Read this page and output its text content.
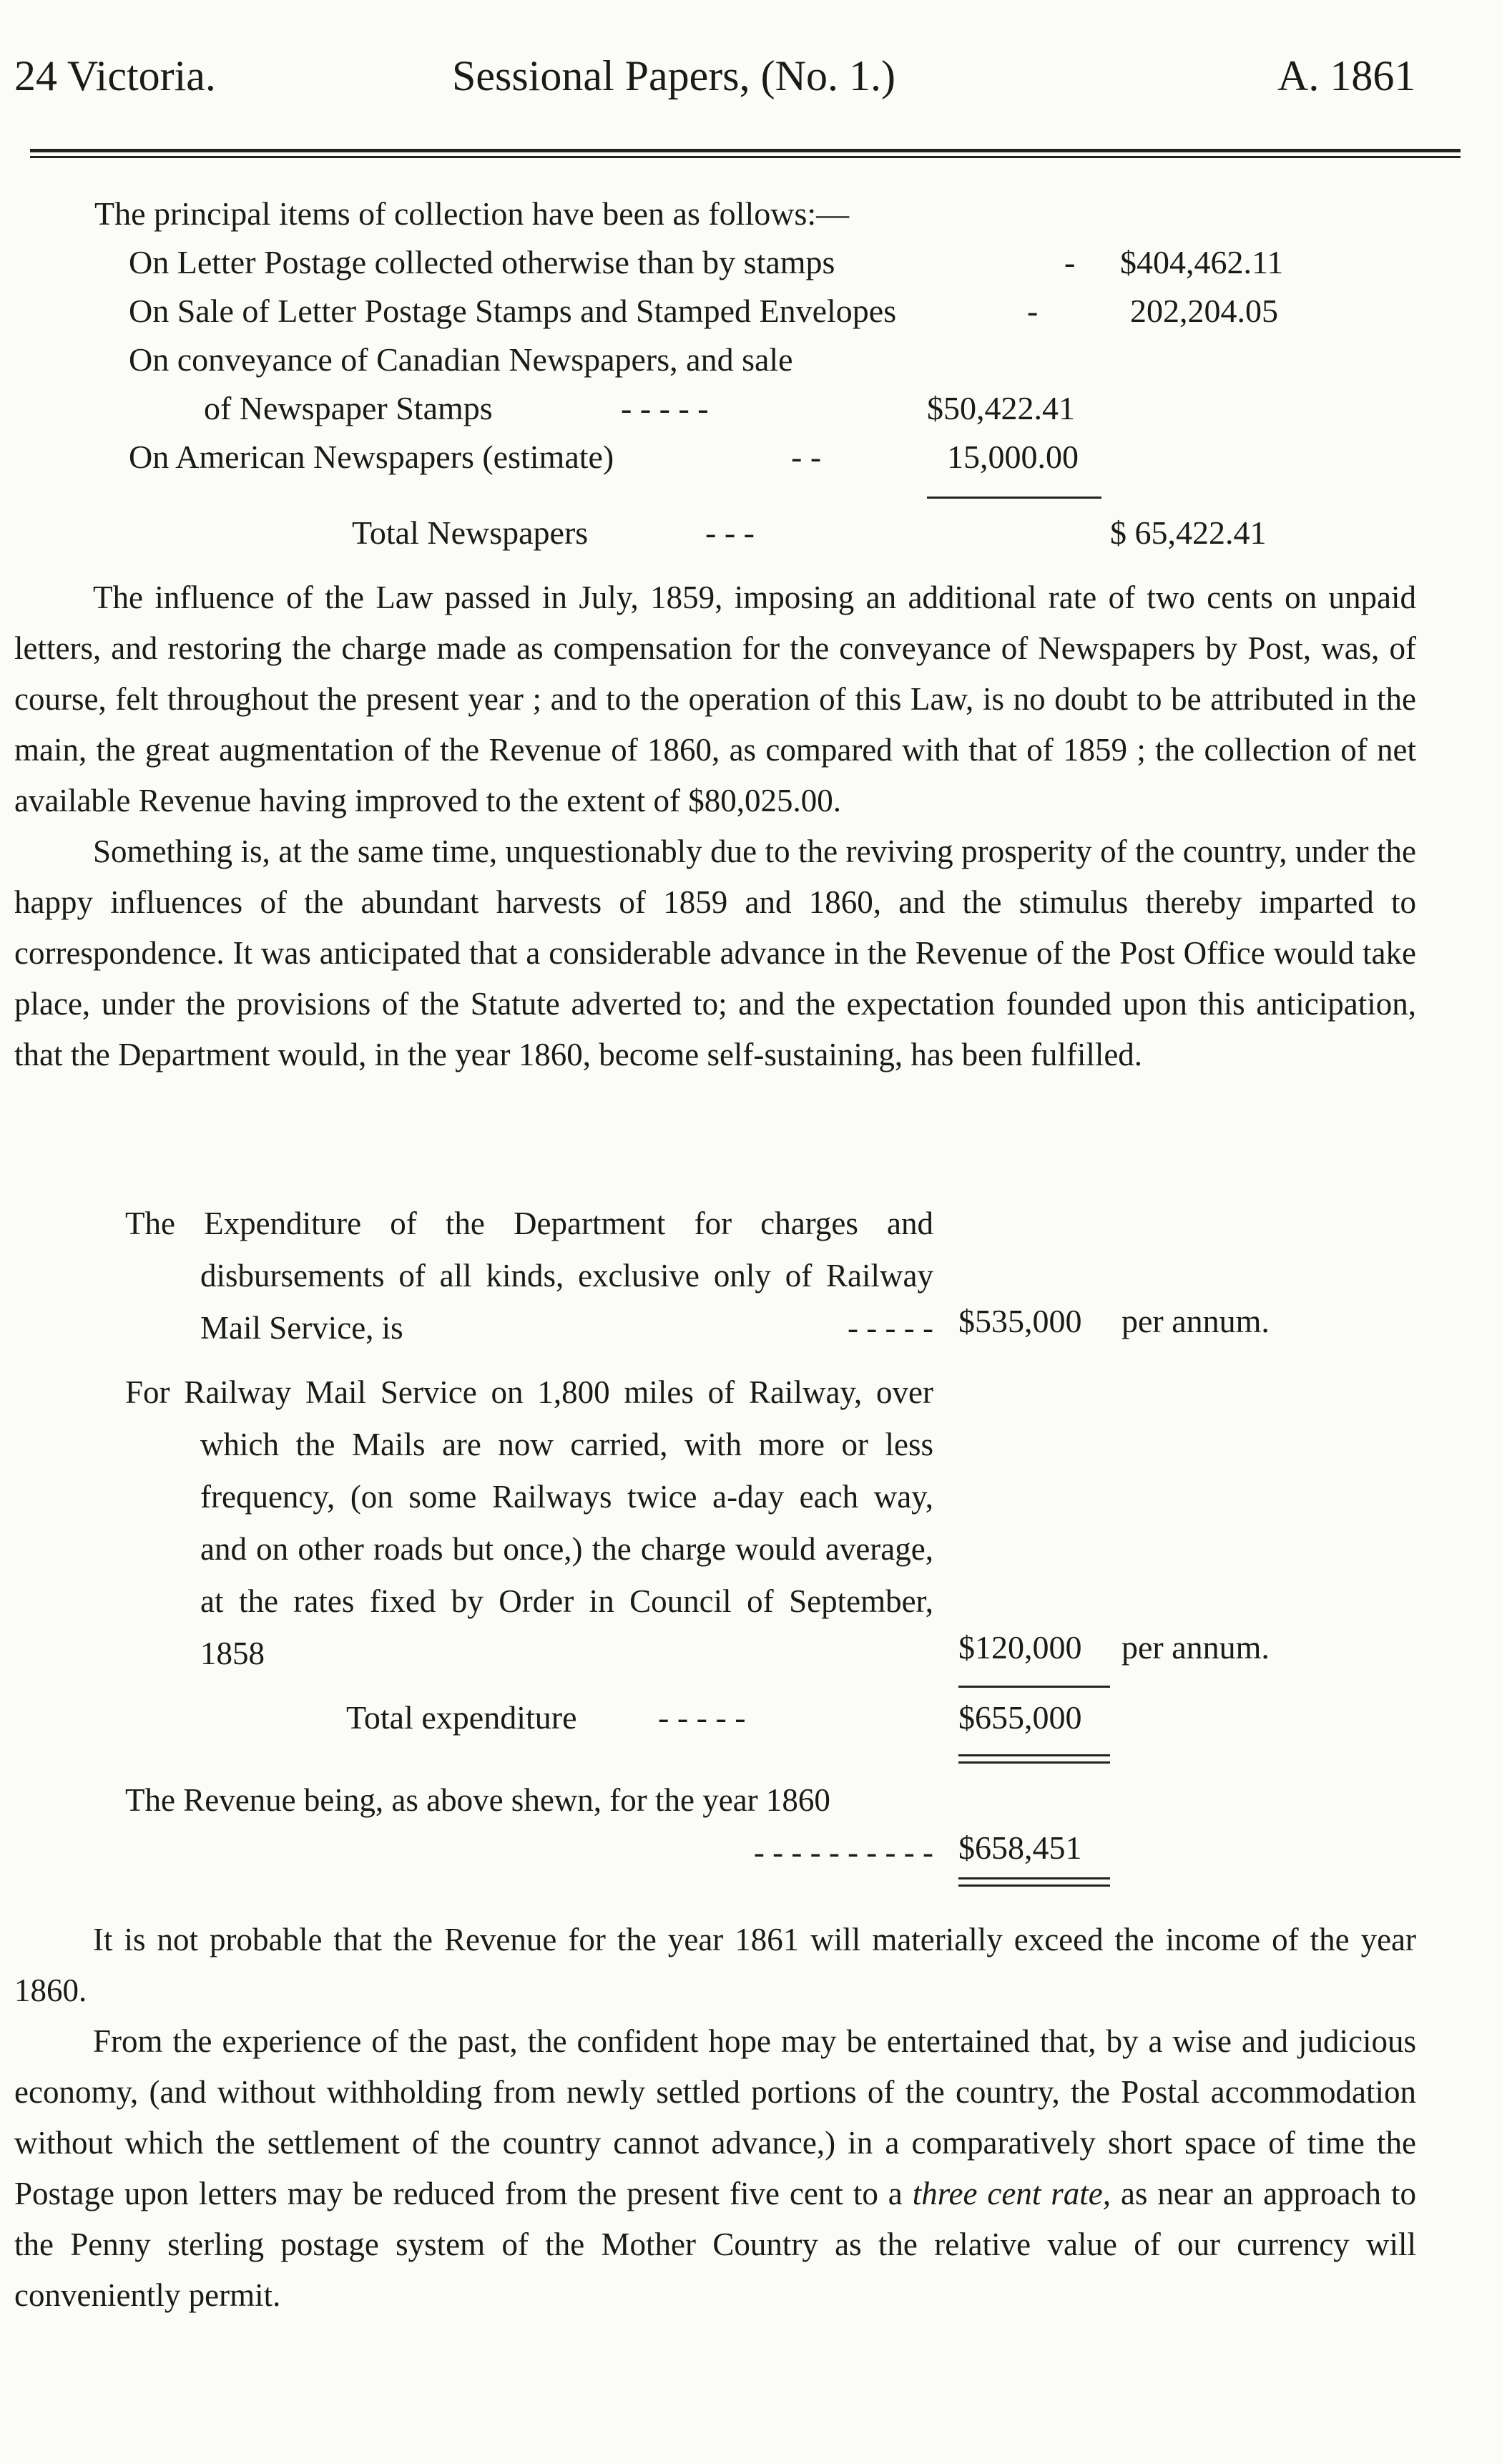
24 Victoria.	Sessional Papers, (No. 1.)	A. 1861
The principal items of collection have been as follows:—
On Letter Postage collected otherwise than by stamps	- $404,462.11
On Sale of Letter Postage Stamps and Stamped Envelopes	-	202,204.05
On conveyance of Canadian Newspapers, and sale
of Newspaper Stamps	- - - - -	$50,422.41
On American Newspapers (estimate)	- -	15,000.00
Total Newspapers	- - -	$ 65,422.41

The influence of the Law passed in July, 1859, imposing an additional rate of two cents on unpaid letters, and restoring the charge made as compensation for the conveyance of Newspapers by Post, was, of course, felt throughout the present year ; and to the operation of this Law, is no doubt to be attributed in the main, the great augmentation of the Revenue of 1860, as compared with that of 1859 ; the collection of net available Revenue having improved to the extent of $80,025.00.

Something is, at the same time, unquestionably due to the reviving prosperity of the country, under the happy influences of the abundant harvests of 1859 and 1860, and the stimulus thereby imparted to correspondence. It was anticipated that a considerable advance in the Revenue of the Post Office would take place, under the provisions of the Statute adverted to; and the expectation founded upon this anticipation, that the Department would, in the year 1860, become self-sustaining, has been fulfilled.

The Expenditure of the Department for charges and disbursements of all kinds, exclusive only of Railway Mail Service, is	- - - - - $535,000 per annum.
For Railway Mail Service on 1,800 miles of Railway, over which the Mails are now carried, with more or less frequency, (on some Railways twice a-day each way, and on other roads but once,) the charge would average, at the rates fixed by Order in Council of September, 1858	$120,000 per annum.
Total expenditure - - - - -	$655,000
The Revenue being, as above shewn, for the year 1860
- - - - - - - - - - $658,451

It is not probable that the Revenue for the year 1861 will materially exceed the income of the year 1860.

From the experience of the past, the confident hope may be entertained that, by a wise and judicious economy, (and without withholding from newly settled portions of the country, the Postal accommodation without which the settlement of the country cannot advance,) in a comparatively short space of time the Postage upon letters may be reduced from the present five cent to a three cent rate, as near an approach to the Penny sterling postage system of the Mother Country as the relative value of our currency will conveniently permit.
